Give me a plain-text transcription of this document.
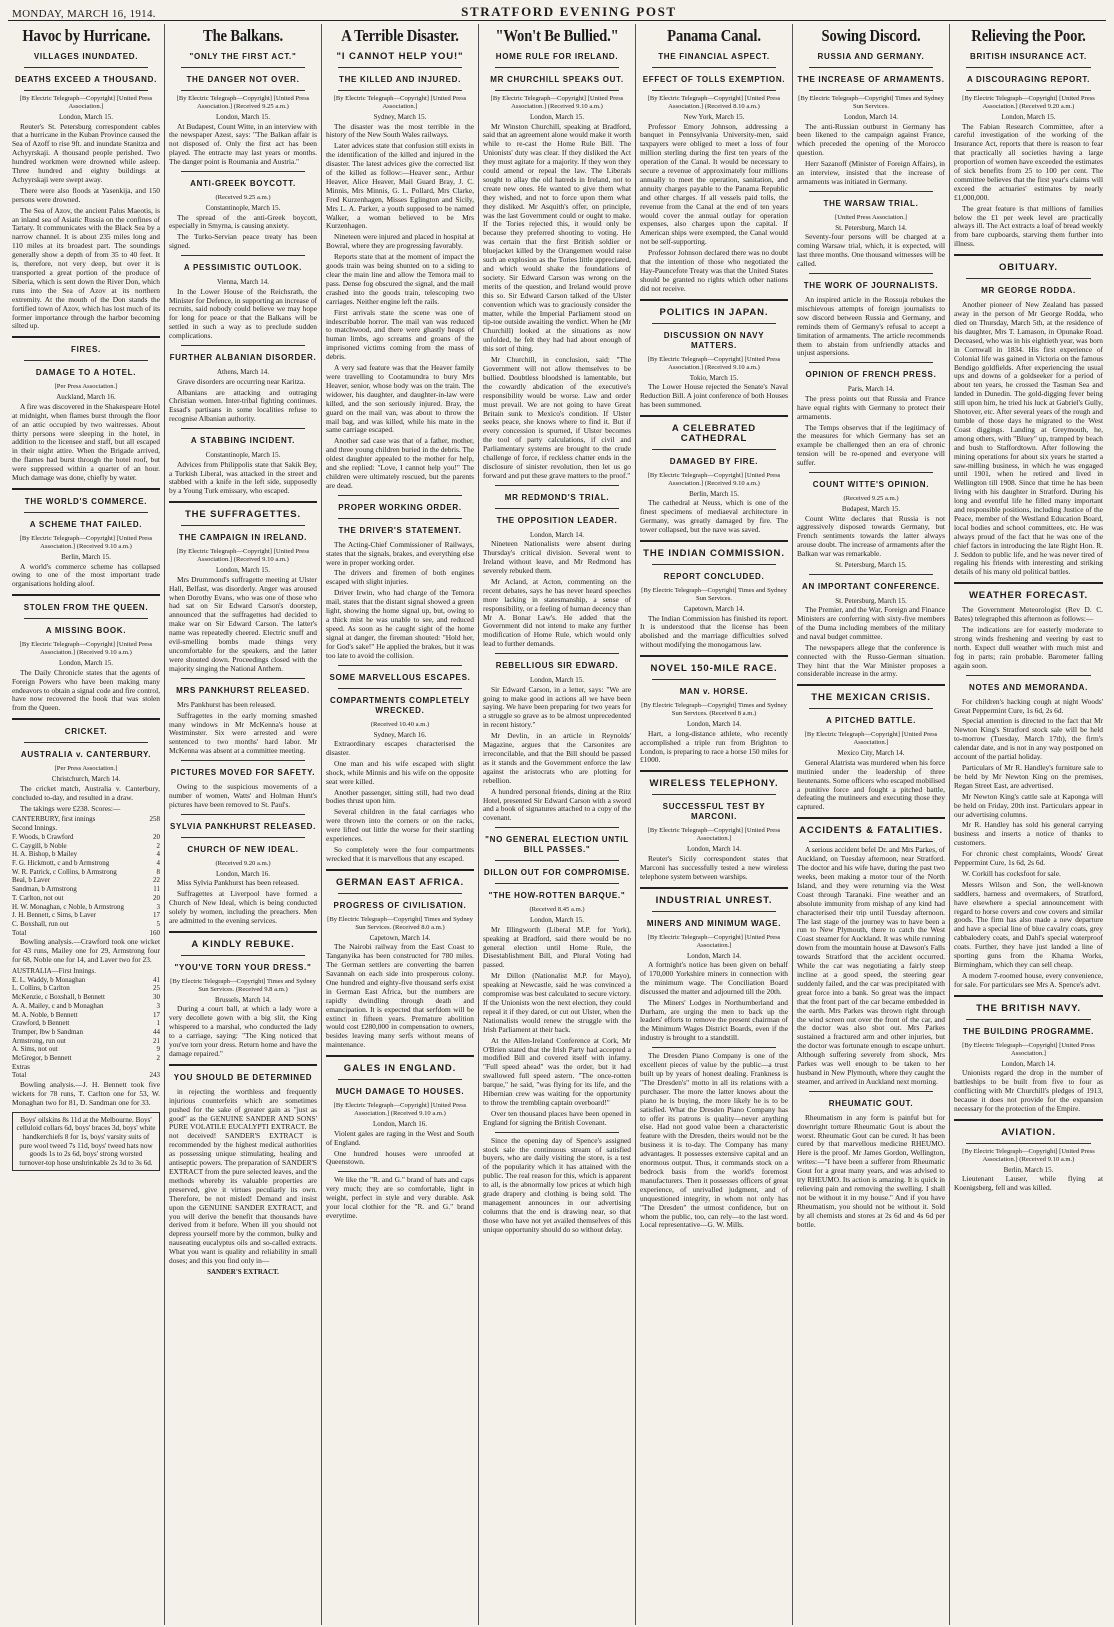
MONDAY, MARCH 16, 1914.	STRATFORD EVENING POST
Havoc by Hurricane.
VILLAGES INUNDATED.
DEATHS EXCEED A THOUSAND.
[By Electric Telegraph—Copyright] [United Press Association.]
London, March 15.
Reuter's St. Petersburg correspondent cables that a hurricane in the Kuban Province caused the Sea of Azoff to rise 9ft. and inundate Stanitza and Achyyrskaji. A thousand people perished. Two hundred workmen were drowned while asleep. Three hundred and eighty buildings at Achyyrskaji were swept away.
There were also floods at Yasenkija, and 150 persons were drowned.
The Sea of Azov, the ancient Palus Maeotis, is an inland sea of Asiatic Russia on the confines of Tartary. It communicates with the Black Sea by a narrow channel. It is about 235 miles long and 110 miles at its broadest part. The soundings generally show a depth of from 35 to 40 feet. It is, therefore, not very deep, but over it is transported a great portion of the produce of Siberia, which is sent down the River Don, which runs into the Sea of Azov at its northern extremity. At the mouth of the Don stands the fortified town of Azov, which has lost much of its former importance through the harbor becoming silted up.
FIRES.
DAMAGE TO A HOTEL.
[Per Press Association.]
Auckland, March 16.
A fire was discovered in the Shakespeare Hotel at midnight, when flames burst through the floor of an attic occupied by two waitresses. About thirty persons were sleeping in the hotel, in addition to the licensee and staff, but all escaped in their night attire. When the Brigade arrived, the flames had burst through the hotel roof, but were suppressed within a quarter of an hour. Much damage was done, chiefly by water.
THE WORLD'S COMMERCE.
A SCHEME THAT FAILED.
[By Electric Telegraph—Copyright] [United Press Association.] (Received 9.10 a.m.)
Berlin, March 15.
A world's commerce scheme has collapsed owing to one of the most important trade organisations holding aloof.
STOLEN FROM THE QUEEN.
A MISSING BOOK.
[By Electric Telegraph—Copyright] [United Press Association.] (Received 9.10 a.m.)
London, March 15.
The Daily Chronicle states that the agents of Foreign Powers who have been making many endeavors to obtain a signal code and fire control, have now recovered the book that was stolen from the Queen.
CRICKET.
AUSTRALIA v. CANTERBURY.
[Per Press Association.]
Christchurch, March 14.
The cricket match, Australia v. Canterbury, concluded to-day, and resulted in a draw.
The takings were £238. Scores:—
CANTERBURY, first innings	258
Second Innings.
F. Woods, b Crawford	20
C. Caygill, b Noble	2
H. A. Bishop, b Mailey	4
F. G. Hickmott, c and b Armstrong	4
W. R. Patrick, c Collins, b Armstrong	8
Beal, b Laver	22
Sandman, b Armstrong	11
T. Carlton, not out	20
H. W. Monaghan, c Noble, b Armstrong	3
J. H. Bennett, c Sims, b Laver	17
C. Boxshall, run out	5
Total	160
Bowling analysis.—Crawford took one wicket for 43 runs, Mailey one for 29, Armstrong four for 68, Noble one for 14, and Laver two for 23.
AUSTRALIA—First Innings.
E. L. Waddy, b Monaghan	41
L. Collins, b Carlton	25
McKenzie, c Boxshall, b Bennett	30
A. A. Mailey, c and b Monaghan	3
M. A. Noble, b Bennett	17
Crawford, b Bennett	1
Trumper, lbw b Sandman	44
Armstrong, run out	21
A. Sims, not out	9
McGregor, b Bennett	2
Extras
Total	243
Bowling analysis.—J. H. Bennett took five wickets for 78 runs, T. Carlton one for 53, W. Monaghan two for 81, D. Sandman one for 33.
Boys' oilskins 8s 11d at the Melbourne. Boys' celluloid collars 6d, boys' braces 3d, boys' white handkerchiefs 8 for 1s, boys' varsity suits of pure wool tweed 7s 11d, boys' tweed hats now goods 1s to 2s 6d, boys' strong worsted turnover-top hose unshrinkable 2s 3d to 3s 6d.
The Balkans.
"ONLY THE FIRST ACT."
THE DANGER NOT OVER.
[By Electric Telegraph—Copyright] [United Press Association.] (Received 9.25 a.m.)
London, March 15.
At Budapest, Count Witte, in an interview with the newspaper Azest, says: "The Balkan affair is not disposed of. Only the first act has been played. The entracte may last years or months. The danger point is Roumania and Austria."
ANTI-GREEK BOYCOTT.
(Received 9.25 a.m.)
Constantinople, March 15.
The spread of the anti-Greek boycott, especially in Smyrna, is causing anxiety.
The Turko-Servian peace treaty has been signed.
A PESSIMISTIC OUTLOOK.
Vienna, March 14.
In the Lower House of the Reichsrath, the Minister for Defence, in supporting an increase of recruits, said nobody could believe we may hope for long for peace or that the Balkans will be settled in such a way as to preclude sudden complications.
FURTHER ALBANIAN DISORDER.
Athens, March 14.
Grave disorders are occurring near Karitza.
Albanians are attacking and outraging Christian women. Inter-tribal fighting continues. Essad's partisans in some localities refuse to recognise Albanian authority.
A STABBING INCIDENT.
Constantinople, March 15.
Advices from Philippolis state that Sakik Bey, a Turkish Liberal, was attacked in the street and stabbed with a knife in the left side, supposedly by a Young Turk emissary, who escaped.
THE SUFFRAGETTES.
THE CAMPAIGN IN IRELAND.
[By Electric Telegraph—Copyright] [United Press Association.] (Received 9.10 a.m.)
London, March 15.
Mrs Drummond's suffragette meeting at Ulster Hall, Belfast, was disorderly. Anger was aroused when Dorothy Evans, who was one of those who had sat on Sir Edward Carson's doorstep, announced that the suffragettes had decided to make war on Sir Edward Carson. The latter's name was repeatedly cheered. Electric snuff and evil-smelling bombs made things very uncomfortable for the speakers, and the latter were shouted down. Proceedings closed with the majority singing the National Anthem.
MRS PANKHURST RELEASED.
Mrs Pankhurst has been released.
Suffragettes in the early morning smashed many windows in Mr McKenna's house at Westminster. Six were arrested and were sentenced to two months' hard labor. Mr McKenna was absent at a committee meeting.
PICTURES MOVED FOR SAFETY.
Owing to the suspicious movements of a number of women, Watts' and Holman Hunt's pictures have been removed to St. Paul's.
SYLVIA PANKHURST RELEASED.
CHURCH OF NEW IDEAL.
(Received 9.20 a.m.)
London, March 16.
Miss Sylvia Pankhurst has been released.
Suffragettes at Liverpool have formed a Church of New Ideal, which is being conducted solely by women, including the preachers. Men are admitted to the evening services.
A KINDLY REBUKE.
"YOU'VE TORN YOUR DRESS."
[By Electric Telegraph—Copyright] Times and Sydney Sun Services. (Received 9.8 a.m.)
Brussels, March 14.
During a court ball, at which a lady wore a very decollete gown with a big slit, the King whispered to a marshal, who conducted the lady to a carriage, saying: "The King noticed that you've torn your dress. Return home and have the damage repaired."
YOU SHOULD BE DETERMINED
in rejecting the worthless and frequently injurious counterfeits which are sometimes pushed for the sake of greater gain as "just as good" as the GENUINE SANDER AND SONS' PURE VOLATILE EUCALYPTI EXTRACT. Be not deceived! SANDER'S EXTRACT is recommended by the highest medical authorities as possessing unique stimulating, healing and antiseptic powers. The preparation of SANDER'S EXTRACT from the pure selected leaves, and the methods whereby its valuable properties are preserved, give it virtues peculiarly its own. Therefore, be not misled! Demand and insist upon the GENUINE SANDER EXTRACT, and you will derive the benefit that thousands have derived from it before. When ill you should not depress yourself more by the common, bulky and nauseating eucalyptus oils and so-called extracts. What you want is quality and reliability in small doses; and this you find only in—
SANDER'S EXTRACT.
A Terrible Disaster.
"I CANNOT HELP YOU!"
THE KILLED AND INJURED.
[By Electric Telegraph—Copyright] [United Press Association.]
Sydney, March 15.
The disaster was the most terrible in the history of the New South Wales railways.
Later advices state that confusion still exists in the identification of the killed and injured in the disaster. The latest advices give the corrected list of the killed as follow:—Heaver senr., Arthur Heaver, Alice Heaver, Mail Guard Bray, J. C. Minnis, Mrs Minnis, G. L. Pollard, Mrs Clarke, Fred Kurzenhagen, Misses Eglington and Sicily, Mrs L. A. Parker, a youth supposed to be named Walker, a woman believed to be Mrs Kurzenhagen.
Nineteen were injured and placed in hospital at Bowral, where they are progressing favorably.
Reports state that at the moment of impact the goods train was being shunted on to a siding to clear the main line and allow the Temora mail to pass. Dense fog obscured the signal, and the mail crashed into the goods train, telescoping two carriages. Neither engine left the rails.
First arrivals state the scene was one of indescribable horror. The mail van was reduced to matchwood, and there were ghastly heaps of human limbs, ago screams and groans of the imprisoned victims coming from the mass of debris.
A very sad feature was that the Heaver family were travelling to Cootamundra to bury Mrs Heaver, senior, whose body was on the train. The widower, his daughter, and daughter-in-law were killed, and the son seriously injured. Bray, the guard on the mail van, was about to throw the mail bag, and was killed, while his mate in the same carriage escaped.
Another sad case was that of a father, mother, and three young children buried in the debris. The oldest daughter appealed to the mother for help, and she replied: "Love, I cannot help you!" The children were ultimately rescued, but the parents are dead.
PROPER WORKING ORDER.
THE DRIVER'S STATEMENT.
The Acting-Chief Commissioner of Railways, states that the signals, brakes, and everything else were in proper working order.
The drivers and firemen of both engines escaped with slight injuries.
Driver Irwin, who had charge of the Temora mail, states that the distant signal showed a green light, showing the home signal up, but, owing to a thick mist he was unable to see, and reduced speed. As soon as he caught sight of the home signal at danger, the fireman shouted: "Hold her, for God's sake!" He applied the brakes, but it was too late to avoid the collision.
SOME MARVELLOUS ESCAPES.
COMPARTMENTS COMPLETELY WRECKED.
(Received 10.40 a.m.)
Sydney, March 16.
Extraordinary escapes characterised the disaster.
One man and his wife escaped with slight shock, while Minnis and his wife on the opposite seat were killed.
Another passenger, sitting still, had two dead bodies thrust upon him.
Several children in the fatal carriages who were thrown into the corners or on the racks, were lifted out little the worse for their startling experiences.
So completely were the four compartments wrecked that it is marvellous that any escaped.
GERMAN EAST AFRICA.
PROGRESS OF CIVILISATION.
[By Electric Telegraph—Copyright] Times and Sydney Sun Services. (Received 8.0 a.m.)
Capetown, March 14.
The Nairobi railway from the East Coast to Tanganyika has been constructed for 780 miles. The German settlers are converting the barren Savannah on each side into prosperous colony. One hundred and eighty-five thousand serfs exist in German East Africa, but the numbers are rapidly dwindling through death and emancipation. It is expected that serfdom will be extinct in fifteen years. Premature abolition would cost £280,000 in compensation to owners, besides leaving many serfs without means of maintenance.
GALES IN ENGLAND.
MUCH DAMAGE TO HOUSES.
[By Electric Telegraph—Copyright] [United Press Association.] (Received 9.10 a.m.)
London, March 16.
Violent gales are raging in the West and South of England.
One hundred houses were unroofed at Queenstown.
We like the "R. and G." brand of hats and caps very much; they are so comfortable, light in weight, perfect in style and very durable. Ask your local clothier for the "R. and G." brand everytime.
"Won't Be Bullied."
HOME RULE FOR IRELAND.
MR CHURCHILL SPEAKS OUT.
[By Electric Telegraph—Copyright] [United Press Association.] (Received 9.10 a.m.)
London, March 15.
Mr Winston Churchill, speaking at Bradford, said that an agreement alone would make it worth while to re-cast the Home Rule Bill. The Unionists' duty was clear. If they disliked the Act they must agitate for a majority. If they won they could amend or repeal the law. The Liberals sought to allay the old hatreds in Ireland, not to create new ones. He wanted to give them what they wished, and not to force upon them what they disliked. Mr Asquith's offer, on principle, was the last Government could or ought to make. If the Tories rejected this, it would only be because they preferred shooting to voting. He was certain that the first British soldier or bluejacket killed by the Orangemen would raise such an explosion as the Tories little appreciated, and which would shake the foundations of society. Sir Edward Carson was wrong on the merits of the question, and Ireland would prove this so. Sir Edward Carson talked of the Ulster convention which was to graciously consider the matter, while the Imperial Parliament stood on tip-toe outside awaiting the verdict. When he (Mr Churchill) looked at the situations as now unfolded, he felt they had had about enough of this sort of thing.
Mr Churchill, in conclusion, said: "The Government will not allow themselves to be bullied. Doubtless bloodshed is lamentable, but the cowardly abdication of the executive's responsibility would be worse. Law and order must prevail. We are not going to have Great Britain sunk to Mexico's condition. If Ulster seeks peace, she knows where to find it. But if every concession is spurned, if Ulster becomes the tool of party calculations, if civil and Parliamentary systems are brought to the crude challenge of force, if reckless chatter ends in the disclosure of sinister revolution, then let us go forward and put these grave matters to the proof."
MR REDMOND'S TRIAL.
THE OPPOSITION LEADER.
London, March 14.
Nineteen Nationalists were absent during Thursday's critical division. Several went to Ireland without leave, and Mr Redmond has severely rebuked them.
Mr Acland, at Acton, commenting on the recent debates, says he has never heard speeches more lacking in statesmanship, a sense of responsibility, or a feeling of human decency than Mr A. Bonar Law's. He added that the Government did not intend to make any further modification of Home Rule, which would only lead to further demands.
REBELLIOUS SIR EDWARD.
London, March 15.
Sir Edward Carson, in a letter, says: "We are going to make good in actions all we have been saying. We have been preparing for two years for a struggle so grave as to be almost unprecedented in recent history."
Mr Devlin, in an article in Reynolds' Magazine, argues that the Carsonites are irreconcilable, and that the Bill should be passed as it stands and the Government enforce the law against the aristocrats who are plotting for rebellion.
A hundred personal friends, dining at the Ritz Hotel, presented Sir Edward Carson with a sword and a book of signatures attached to a copy of the covenant.
"NO GENERAL ELECTION UNTIL BILL PASSES."
DILLON OUT FOR COMPROMISE.
"THE HOW-ROTTEN BARQUE."
(Received 8.45 a.m.)
London, March 15.
Mr Illingworth (Liberal M.P. for York), speaking at Bradford, said there would be no general election until Home Rule, the Disestablishment Bill, and Plural Voting had passed.
Mr Dillon (Nationalist M.P. for Mayo), speaking at Newcastle, said he was convinced a compromise was best calculated to secure victory. If the Unionists won the next election, they could repeal it if they dared, or cut out Ulster, when the Nationalists would renew the struggle with the Irish Parliament at their back.
At the Allen-Ireland Conference at Cork, Mr O'Brien stated that the Irish Party had accepted a modified Bill and covered itself with infamy. "Full speed ahead" was the order, but it had swallowed full speed astern. "The once-rotten barque," he said, "was flying for its life, and the Hibernian crew was waiting for the opportunity to throw the trembling captain overboard!"
Over ten thousand places have been opened in England for signing the British Covenant.
Since the opening day of Spence's assigned stock sale the continuous stream of satisfied buyers, who are daily visiting the store, is a test of the popularity which it has attained with the public. The real reason for this, which is apparent to all, is the abnormally low prices at which high grade drapery and clothing is being sold. The management announces in our advertising columns that the end is drawing near, so that those who have not yet availed themselves of this unique opportunity should do so without delay.
Panama Canal.
THE FINANCIAL ASPECT.
EFFECT OF TOLLS EXEMPTION.
[By Electric Telegraph—Copyright] [United Press Association.] (Received 8.10 a.m.)
New York, March 15.
Professor Emory Johnson, addressing a banquet in Pennsylvania University-men, said taxpayers were obliged to meet a loss of four million sterling during the first ten years of the operation of the Canal. It would be necessary to secure a revenue of approximately four millions annually to meet the operation, sanitation, and annuity charges payable to the Panama Republic and other charges. If all vessels paid tolls, the revenue from the Canal at the end of ten years would cover the annual outlay for operation expenses, also charges upon the capital. If American ships were exempted, the Canal would not be self-supporting.
Professor Johnson declared there was no doubt that the intention of those who negotiated the Hay-Pauncefote Treaty was that the United States should be granted no rights which other nations did not receive.
POLITICS IN JAPAN.
DISCUSSION ON NAVY MATTERS.
[By Electric Telegraph—Copyright] [United Press Association.] (Received 9.10 a.m.)
Tokio, March 15.
The Lower House rejected the Senate's Naval Reduction Bill. A joint conference of both Houses has been summoned.
A CELEBRATED CATHEDRAL
DAMAGED BY FIRE.
[By Electric Telegraph—Copyright] [United Press Association.] (Received 9.10 a.m.)
Berlin, March 15.
The cathedral at Neuss, which is one of the finest specimens of mediaeval architecture in Germany, was greatly damaged by fire. The tower collapsed, but the nave was saved.
THE INDIAN COMMISSION.
REPORT CONCLUDED.
[By Electric Telegraph—Copyright] Times and Sydney Sun Services.
Capetown, March 14.
The Indian Commission has finished its report. It is understood that the license has been abolished and the marriage difficulties solved without modifying the monogamous law.
NOVEL 150-MILE RACE.
MAN v. HORSE.
[By Electric Telegraph—Copyright] Times and Sydney Sun Services. (Received 8 a.m.)
London, March 14.
Hart, a long-distance athlete, who recently accomplished a triple run from Brighton to London, is preparing to race a horse 150 miles for £1000.
WIRELESS TELEPHONY.
SUCCESSFUL TEST BY MARCONI.
[By Electric Telegraph—Copyright] [United Press Association.]
London, March 14.
Reuter's Sicily correspondent states that Marconi has successfully tested a new wireless telephone system between warships.
INDUSTRIAL UNREST.
MINERS AND MINIMUM WAGE.
[By Electric Telegraph—Copyright] [United Press Association.]
London, March 14.
A fortnight's notice has been given on behalf of 170,000 Yorkshire miners in connection with the minimum wage. The Conciliation Board discussed the matter and adjourned till the 20th.
The Miners' Lodges in Northumberland and Durham, are urging the men to back up the leaders' efforts to remove the present chairman of the Minimum Wages District Boards, even if the industry is brought to a standstill.
The Dresden Piano Company is one of the excellent pieces of value by the public—a trust built up by years of honest dealing. Frankness is "The Dresden's" motto in all its relations with a purchaser. The more the latter knows about the piano he is buying, the more likely he is to be satisfied. What the Dresden Piano Company has to offer its patrons is quality—never anything else. Had not good value been a characteristic feature with the Dresden, theirs would not be the business it is to-day. The Company has many advantages. It possesses extensive capital and an enormous output. Thus, it commands stock on a bedrock basis from the world's foremost manufacturers. Then it possesses officers of great experience, of unrivalled judgment, and of unquestioned integrity, in whom not only has "The Dresden" the utmost confidence, but on whom the public, too, can rely—to the last word. Local representative—G. W. Mills.
Sowing Discord.
RUSSIA AND GERMANY.
THE INCREASE OF ARMAMENTS.
[By Electric Telegraph—Copyright] Times and Sydney Sun Services.
London, March 14.
The anti-Russian outburst in Germany has been likened to the campaign against France, which preceded the opening of the Morocco question.
Herr Sazanoff (Minister of Foreign Affairs), in an interview, insisted that the increase of armaments was initiated in Germany.
THE WARSAW TRIAL.
[United Press Association.]
St. Petersburg, March 14.
Seventy-four persons will be charged at a coming Warsaw trial, which, it is expected, will last three months. One thousand witnesses will be called.
THE WORK OF JOURNALISTS.
An inspired article in the Rossuja rebukes the mischievous attempts of foreign journalists to sow discord between Russia and Germany, and reminds them of Germany's refusal to accept a limitation of armaments. The article recommends them to abstain from unfriendly attacks and unjust aspersions.
OPINION OF FRENCH PRESS.
Paris, March 14.
The press points out that Russia and France have equal rights with Germany to protect their armaments.
The Temps observes that if the legitimacy of the measures for which Germany has set an example be challenged then an era of chronic tension will be re-opened and everyone will suffer.
COUNT WITTE'S OPINION.
(Received 9.25 a.m.)
Budapest, March 15.
Count Witte declares that Russia is not aggressively disposed towards Germany, but French sentiments towards the latter always arouse doubt. The increase of armaments after the Balkan war was remarkable.
St. Petersburg, March 15.
AN IMPORTANT CONFERENCE.
St. Petersburg, March 15.
The Premier, and the War, Foreign and Finance Ministers are conferring with sixty-five members of the Duma including members of the military and naval budget committee.
The newspapers allege that the conference is connected with the Russo-German situation. They hint that the War Minister proposes a considerable increase in the army.
THE MEXICAN CRISIS.
A PITCHED BATTLE.
[By Electric Telegraph—Copyright] [United Press Association.]
Mexico City, March 14.
General Alatrista was murdered when his force mutinied under the leadership of three lieutenants. Some officers who escaped mobilised a punitive force and fought a pitched battle, defeating the mutineers and executing those they captured.
ACCIDENTS & FATALITIES.
A serious accident befel Dr. and Mrs Parkes, of Auckland, on Tuesday afternoon, near Stratford. The doctor and his wife have, during the past two weeks, been making a motor tour of the North Island, and they were returning via the West Coast through Taranaki. Fine weather and an absolute immunity from mishap of any kind had characterised their trip until Tuesday afternoon. The last stage of the journey was to have been a run to New Plymouth, there to catch the West Coast steamer for Auckland. It was while running down from the mountain house at Dawson's Falls towards Stratford that the accident occurred. While the car was negotiating a fairly steep incline at a good speed, the steering gear suddenly failed, and the car was precipitated with great force into a bank. So great was the impact that the front part of the car became embedded in the earth. Mrs Parkes was thrown right through the wind screen out over the front of the car, and the doctor was also shot out. Mrs Parkes sustained a fractured arm and other injuries, but the doctor was fortunate enough to escape unhurt. Although suffering severely from shock, Mrs Parkes was well enough to be taken to her husband in New Plymouth, where they caught the steamer, and arrived in Auckland next morning.
RHEUMATIC GOUT.
Rheumatism in any form is painful but for downright torture Rheumatic Gout is about the worst. Rheumatic Gout can be cured. It has been cured by that marvellous medicine RHEUMO. Here is the proof. Mr James Gordon, Wellington, writes:—"I have been a sufferer from Rheumatic Gout for a great many years, and was advised to try RHEUMO. Its action is amazing. It is quick in relieving pain and removing the swelling. I shall not be without it in my house." And if you have Rheumatism, you should not be without it. Sold by all chemists and stores at 2s 6d and 4s 6d per bottle.
Relieving the Poor.
BRITISH INSURANCE ACT.
A DISCOURAGING REPORT.
[By Electric Telegraph—Copyright] [United Press Association.] (Received 9.20 a.m.)
London, March 15.
The Fabian Research Committee, after a careful investigation of the working of the Insurance Act, reports that there is reason to fear that practically all societies having a large proportion of women have exceeded the estimates of sick benefits from 25 to 100 per cent. The committee believes that the first year's claims will exceed the actuaries' estimates by nearly £1,000,000.
The great feature is that millions of families below the £1 per week level are practically always ill. The Act extracts a loaf of bread weekly from bare cupboards, starving them further into illness.
OBITUARY.
MR GEORGE RODDA.
Another pioneer of New Zealand has passed away in the person of Mr George Rodda, who died on Thursday, March 5th, at the residence of his daughter, Mrs T. Lamason, in Opunake Road. Deceased, who was in his eightieth year, was born in Cornwall in 1834. His first experience of Colonial life was gained in Victoria on the famous Bendigo goldfields. After experiencing the usual ups and downs of a goldseeker for a period of about ten years, he crossed the Tasman Sea and landed in Dunedin. The gold-digging fever being still upon him, he tried his luck at Gabriel's Gully, Shotover, etc. After several years of the rough and tumble of those days he migrated to the West Coast diggings. Landing at Greymouth, he, among others, with "Bluey" up, tramped by beach and bush to Staffordtown. After following the mining operations for about six years he started a saw-milling business, in which he was engaged until 1901, when he retired and lived in Wellington till 1908. Since that time he has been living with his daughter in Stratford. During his long and eventful life he filled many important and responsible positions, including Justice of the Peace, member of the Westland Education Board, local bodies and school committees, etc. He was always proud of the fact that he was one of the chief factors in introducing the late Right Hon. R. J. Seddon to public life, and he was never tired of regaling his friends with interesting and striking details of his many old political battles.
WEATHER FORECAST.
The Government Meteorologist (Rev D. C. Bates) telegraphed this afternoon as follows:—
The indications are for easterly moderate to strong winds freshening and veering by east to north. Expect dull weather with much mist and fog in parts; rain probable. Barometer falling again soon.
NOTES AND MEMORANDA.
For children's hacking cough at night Woods' Great Peppermint Cure, 1s 6d, 2s 6d.
Special attention is directed to the fact that Mr Newton King's Stratford stock sale will be held to-morrow (Tuesday, March 17th), the firm's calendar date, and is not in any way postponed on account of the partial holiday.
Particulars of Mr R. Handley's furniture sale to be held by Mr Newton King on the premises, Regan Street East, are advertised.
Mr Newton King's cattle sale at Kaponga will be held on Friday, 20th inst. Particulars appear in our advertising columns.
Mr R. Handley has sold his general carrying business and inserts a notice of thanks to customers.
For chronic chest complaints, Woods' Great Peppermint Cure, 1s 6d, 2s 6d.
W. Corkill has cocksfoot for sale.
Messrs Wilson and Son, the well-known saddlers, harness and overmakers, of Stratford, have elsewhere a special announcement with regard to horse covers and cow covers and similar goods. The firm has also made a new departure and have a special line of blue cavalry coats, grey cabbalodery coats, and Dahl's special waterproof coats. Further, they have just landed a line of sporting guns from the Khama Works, Birmingham, which they can sell cheap.
A modern 7-roomed house, every convenience, for sale. For particulars see Mrs A. Spence's advt.
THE BRITISH NAVY.
THE BUILDING PROGRAMME.
[By Electric Telegraph—Copyright] [United Press Association.]
London, March 14.
Unionists regard the drop in the number of battleships to be built from five to four as conflicting with Mr Churchill's pledges of 1913, because it does not provide for the expansion necessary for the protection of the Empire.
AVIATION.
[By Electric Telegraph—Copyright] [United Press Association.] (Received 9.10 a.m.)
Berlin, March 15.
Lieutenant Lauser, while flying at Koenigsberg, fell and was killed.
